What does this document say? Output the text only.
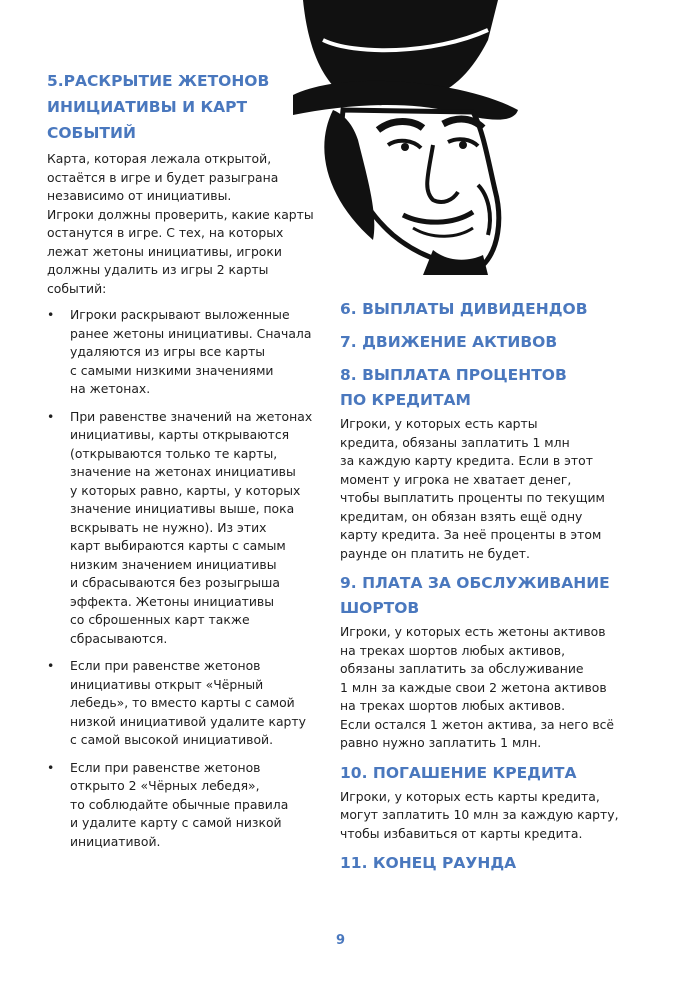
5.РАСКРЫТИЕ ЖЕТОНОВ
ИНИЦИАТИВЫ И КАРТ
СОБЫТИЙ

Карта, которая лежала открытой,
остаётся в игре и будет разыграна
независимо от инициативы.
Игроки должны проверить, какие карты
останутся в игре. С тех, на которых
лежат жетоны инициативы, игроки
должны удалить из игры 2 карты
событий:

• Игроки раскрывают выложенные
ранее жетоны инициативы. Сначала
удаляются из игры все карты
с самыми низкими значениями
на жетонах.
• При равенстве значений на жетонах
инициативы, карты открываются
(открываются только те карты,
значение на жетонах инициативы
у которых равно, карты, у которых
значение инициативы выше, пока
вскрывать не нужно). Из этих
карт выбираются карты с самым
низким значением инициативы
и сбрасываются без розыгрыша
эффекта. Жетоны инициативы
со сброшенных карт также
сбрасываются.
• Если при равенстве жетонов
инициативы открыт «Чёрный
лебедь», то вместо карты с самой
низкой инициативой удалите карту
с самой высокой инициативой.
• Если при равенстве жетонов
открыто 2 «Чёрных лебедя»,
то соблюдайте обычные правила
и удалите карту с самой низкой
инициативой.
6. ВЫПЛАТЫ ДИВИДЕНДОВ
7. ДВИЖЕНИЕ АКТИВОВ
8. ВЫПЛАТА ПРОЦЕНТОВ
ПО КРЕДИТАМ

Игроки, у которых есть карты
кредита, обязаны заплатить 1 млн
за каждую карту кредита. Если в этот
момент у игрока не хватает денег,
чтобы выплатить проценты по текущим
кредитам, он обязан взять ещё одну
карту кредита. За неё проценты в этом
раунде он платить не будет.

9. ПЛАТА ЗА ОБСЛУЖИВАНИЕ
ШОРТОВ

Игроки, у которых есть жетоны активов
на треках шортов любых активов,
обязаны заплатить за обслуживание
1 млн за каждые свои 2 жетона активов
на треках шортов любых активов.
Если остался 1 жетон актива, за него всё
равно нужно заплатить 1 млн.

10. ПОГАШЕНИЕ КРЕДИТА

Игроки, у которых есть карты кредита,
могут заплатить 10 млн за каждую карту,
чтобы избавиться от карты кредита.

11. КОНЕЦ РАУНДА
9
